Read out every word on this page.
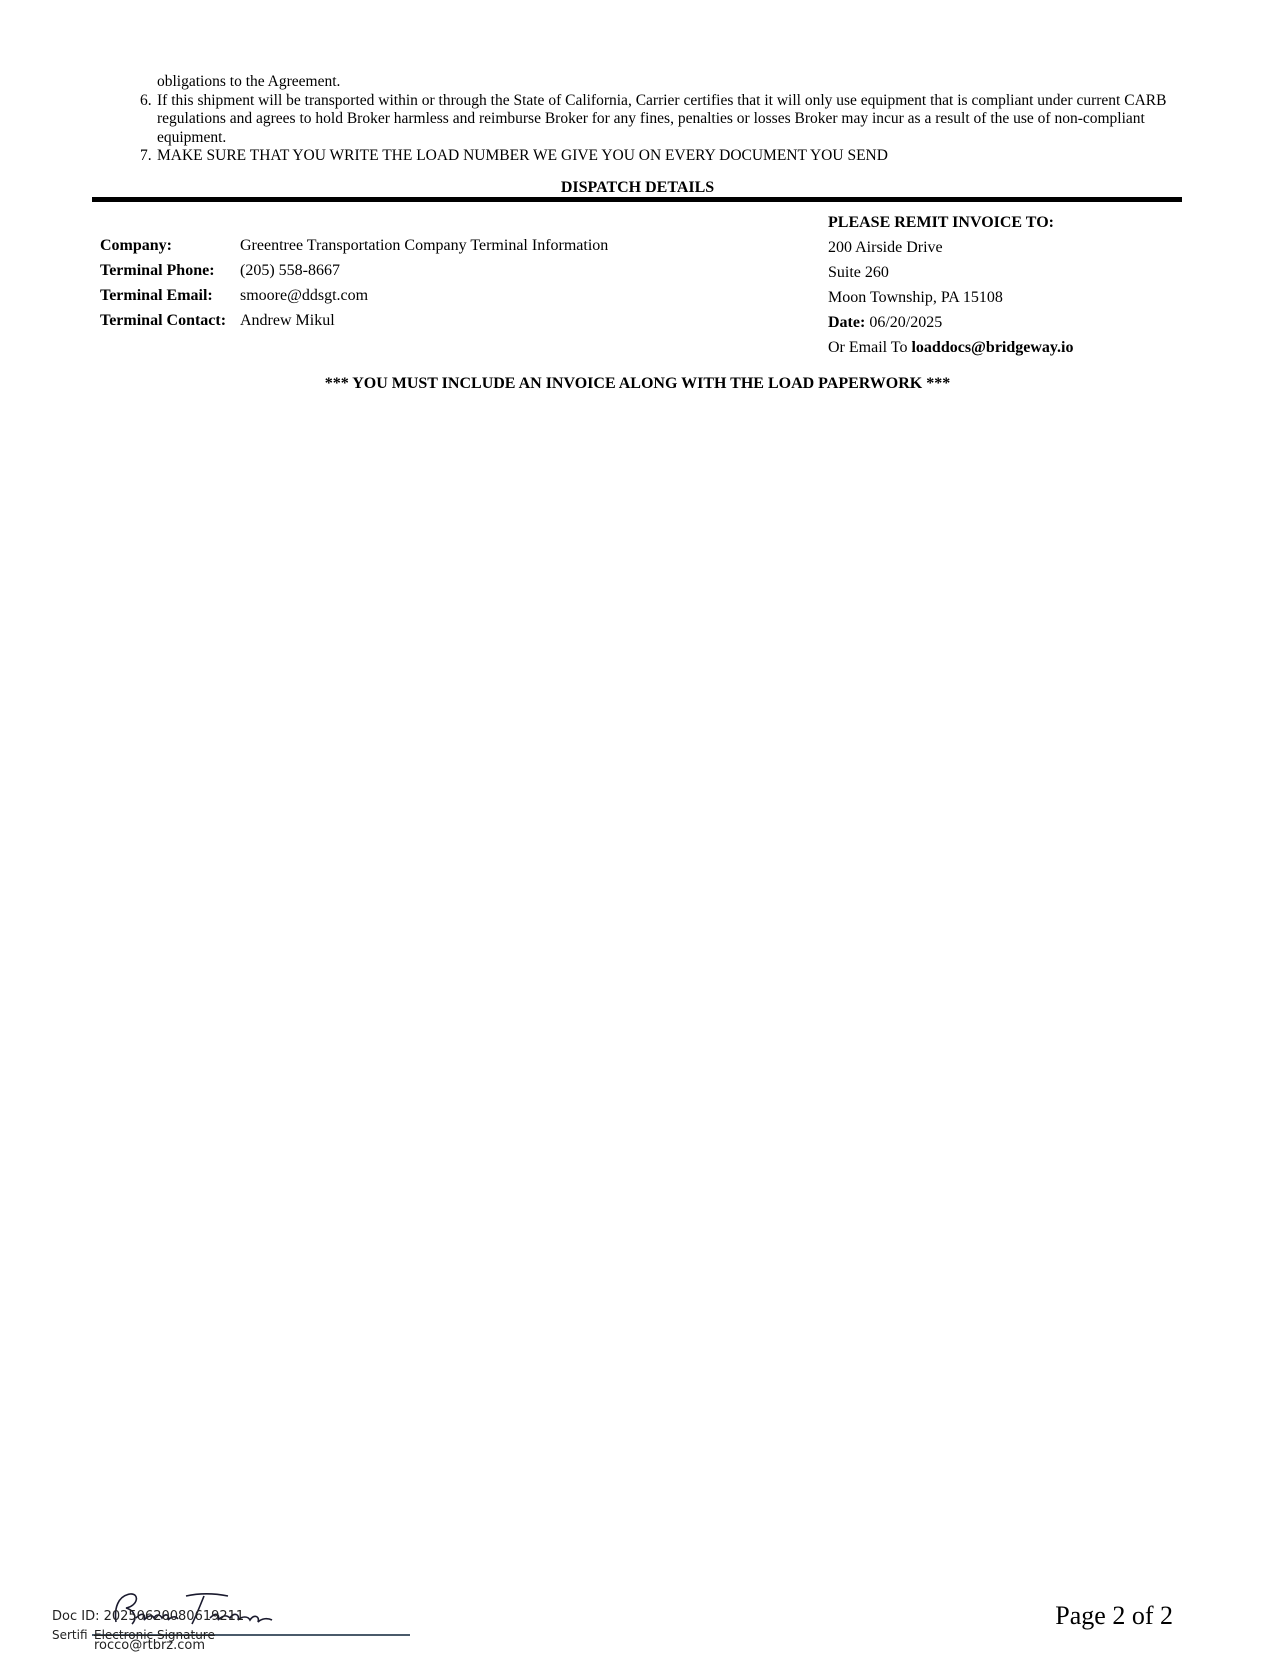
obligations to the Agreement.
6. If this shipment will be transported within or through the State of California, Carrier certifies that it will only use equipment that is compliant under current CARB regulations and agrees to hold Broker harmless and reimburse Broker for any fines, penalties or losses Broker may incur as a result of the use of non-compliant equipment.
7. MAKE SURE THAT YOU WRITE THE LOAD NUMBER WE GIVE YOU ON EVERY DOCUMENT YOU SEND
DISPATCH DETAILS
Company:	Greentree Transportation Company Terminal Information
Terminal Phone:	(205) 558-8667
Terminal Email:	smoore@ddsgt.com
Terminal Contact: Andrew Mikul
PLEASE REMIT INVOICE TO:
200 Airside Drive
Suite 260
Moon Township, PA 15108
Date:
06/20/2025
Or Email To
loaddocs@bridgeway.io
*** YOU MUST INCLUDE AN INVOICE ALONG WITH THE LOAD PAPERWORK ***
Doc ID: 20250620080619211
Sertifi Electronic Signature
rocco@rtbrz.com
Page 2 of 2
